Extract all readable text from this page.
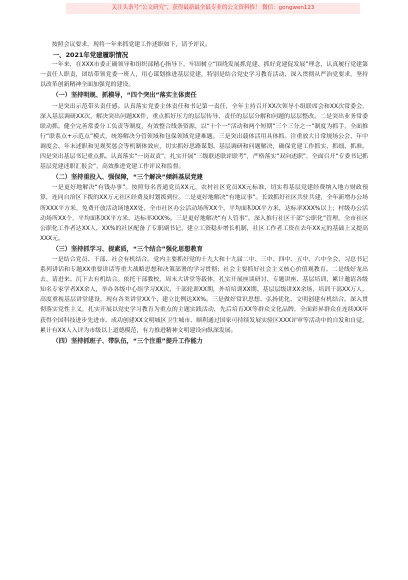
关注头条号“公文研究”，获得最新最全最专业的公文资料推！ 微信：gongwen123

按照会议要求，现将一年来抓党建工作述职如下，请予评议。

一、2021年党建履职情况

一年来，在XXX市委正确领导和组织部精心指导下，牢固树立“围绕发展抓党建、抓好党建促发展”理念，认真履行党建第一责任人职责，团结带领党委一班人，用心谋划推进基层党建，特别是结合党史学习教育活动，深入贯彻从严治党要求，坚持以改革创新精神全面加强党的建设。

（一）坚持明规、抓模导，“四个突出”落实主体责任

一是突出示范带头责任感。认真落实党委主体责任和书记第一责任，全年主持召开XX次领导小组联席会和XX次常委会，深入基层调研XX次，解决突出问题XX件，重点抓好压力的层层传导、责任的层层分解和问题的层层整改。二是突出业务常委联动抓。健全完善常委分工负责等制度，有效整合线条资源，以“十个一”活动和两个短期“三个三分之一”制度为抓手，全面推行“联系点+示范点”模式，统筹解决分管领域和包保领域党建难题。三是突出载体活用具体抓。注重放大日常规场公会、年中调度会、年末述职和见观奖惩会等机制体效应，切实抓好思路谋划、基层调研和问题解决，确保党建工作抓实、抓细、抓准。四是突出基层书记重点抓。认真落实“一岗双责”，扎实开展“三级联述联评联考”，严格落实“双向述职”，全面召开“专委书记抓基层党建述职汇报会”，高效推进党建工作评议和监督。

（二）坚持重投入、强保障，“三个解决”倾斜基层党建

一是更好地解决“有钱办事”。按照每名普通党员XX元，农村社区党员XX元标准，切实将基层党建经费纳入地方财政预算，连同自治区下拨的XX万元社区经费及时划拨到位。二是更好地解决“有地议事”。长效抓好社区共驻共建，全年新增办公场所XXX平方米，免费开放活动场地XX处，全市社区办公活动场所XX个、平均面积XX平方米，达标率XXX%以上；村级办公活动场所XX个，平均面积XX平方米，达标率XXX%。三是更好地解决“有人管事”。深入推行社区干部“公职化”管理，全市社区公职化工作者达XX人，XX%的社区配备了专职副书记，建立工资稳步增长机制，社区工作者工资在去年XX元的基础上又提高XXX元。

（三）坚持抓学习、提素质，“三个结合”强化思想教育

一是结合党员、干部、社会有机结合。党内主要抓好党的十九大和十九届二中、三中、四中、五中、六中全会、习总书记系列讲话和专题XX重要讲话等重大战略思想和决策部署的学习贯彻；社会主要抓好社会主义核心价值观教育。二是线好龙出去，请进来、沉下去有机结合。依托干部教校，周末大讲堂等载体，扎实开展座谈研讨、专题讲座、基层培训，累计邀请各级知名专家学者XX余人，举办各级中心组学习XX次、干部轮训XX期，外培培训XX期、基层层级讲XX余场，培训干部XX万人，高度重视基层讲堂建设，现有各类讲堂XX个，建立比例达XX%。三是做好常识思想、弘扬优化、文明创建有机结合。深入贯彻落实党性主义，扎实开展以党史学习教育为重点的主题实践活动，先后培育XX等群众文化品牌，全面彩昇群众在连续XX年获得全国科技进步先进市、成功创建XX文明城区卫生城市、顺利通过国家可持续发展实验区XXX评审等活动中的自发和自觉，累计有XX人入评为市级以上道德模范，有力推进精神文明建设向纵深发展。

（四）坚持抓班子、带队伍，“三个注重”提升工作能力
